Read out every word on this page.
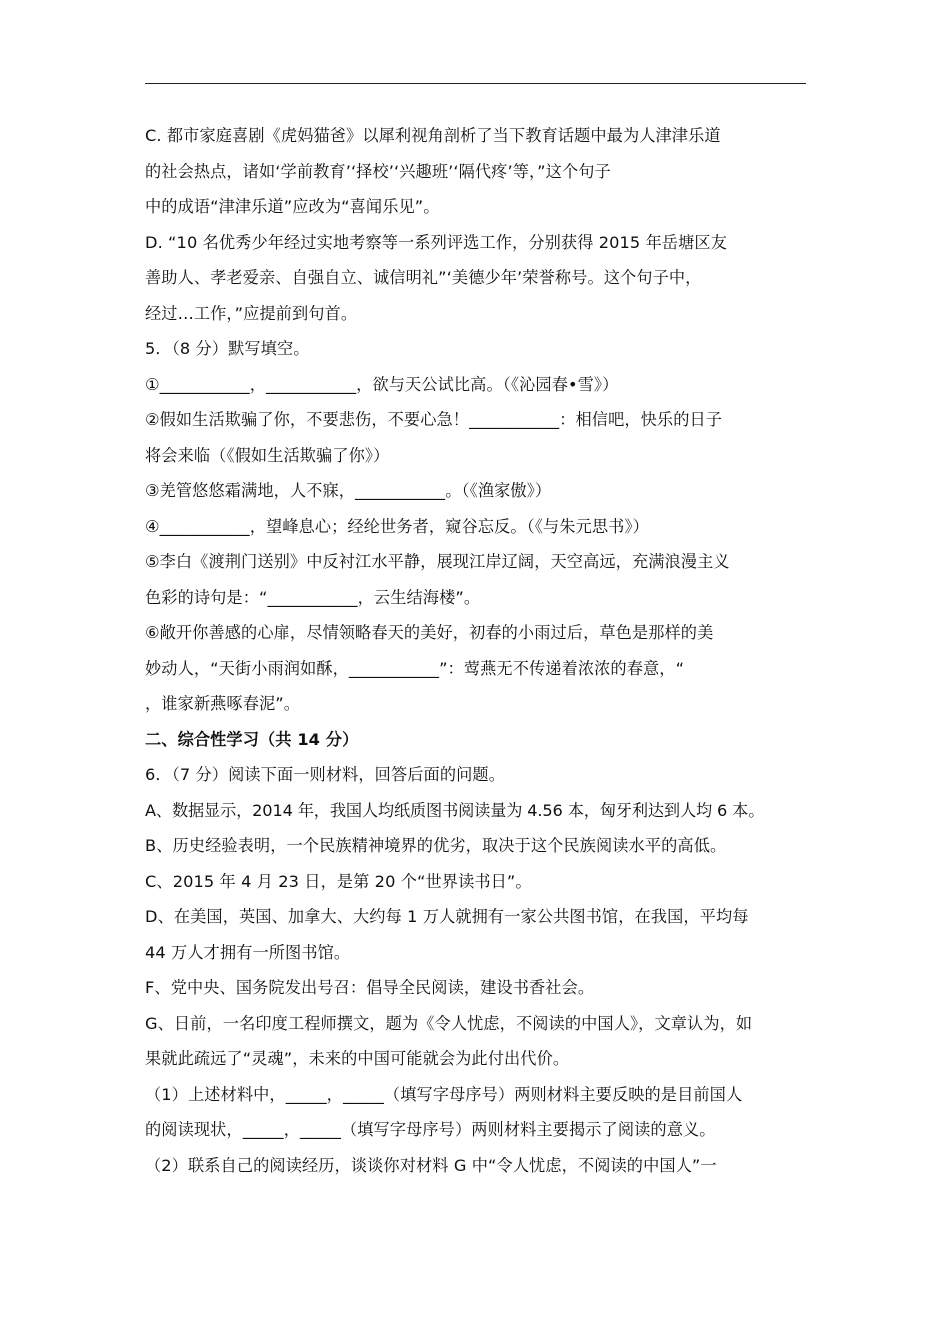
C. 都市家庭喜剧《虎妈猫爸》以犀利视角剖析了当下教育话题中最为人津津乐道
的社会热点，诸如‘学前教育’‘择校’‘兴趣班’‘隔代疼’等，”这个句子
中的成语“津津乐道”应改为“喜闻乐见”。
D. “10 名优秀少年经过实地考察等一系列评选工作，分别获得 2015 年岳塘区友
善助人、孝老爱亲、自强自立、诚信明礼”‘美德少年’荣誉称号。这个句子中，
经过…工作，”应提前到句首。
5．（8 分）默写填空。
①___________，___________，欲与天公试比高。（《沁园春•雪》）
②假如生活欺骗了你，不要悲伤，不要心急！___________：相信吧，快乐的日子
将会来临（《假如生活欺骗了你》）
③羌管悠悠霜满地，人不寐，___________。（《渔家傲》）
④___________，望峰息心；经纶世务者，窥谷忘反。（《与朱元思书》）
⑤李白《渡荆门送别》中反衬江水平静，展现江岸辽阔，天空高远，充满浪漫主义
色彩的诗句是：“___________，云生结海楼”。
⑥敞开你善感的心扉，尽情领略春天的美好，初春的小雨过后，草色是那样的美
妙动人，“天街小雨润如酥，___________”：莺燕无不传递着浓浓的春意，“
，谁家新燕啄春泥”。
二、综合性学习（共 14 分）
6．（7 分）阅读下面一则材料，回答后面的问题。
A、数据显示，2014 年，我国人均纸质图书阅读量为 4.56 本，匈牙利达到人均 6 本。
B、历史经验表明，一个民族精神境界的优劣，取决于这个民族阅读水平的高低。
C、2015 年 4 月 23 日，是第 20 个“世界读书日”。
D、在美国，英国、加拿大、大约每 1 万人就拥有一家公共图书馆，在我国，平均每
44 万人才拥有一所图书馆。
F、党中央、国务院发出号召：倡导全民阅读，建设书香社会。
G、日前，一名印度工程师撰文，题为《令人忧虑，不阅读的中国人》，文章认为，如
果就此疏远了“灵魂”，未来的中国可能就会为此付出代价。
（1）上述材料中，_____，_____（填写字母序号）两则材料主要反映的是目前国人
的阅读现状，_____，_____（填写字母序号）两则材料主要揭示了阅读的意义。
（2）联系自己的阅读经历，谈谈你对材料 G 中“令人忧虑，不阅读的中国人”一
